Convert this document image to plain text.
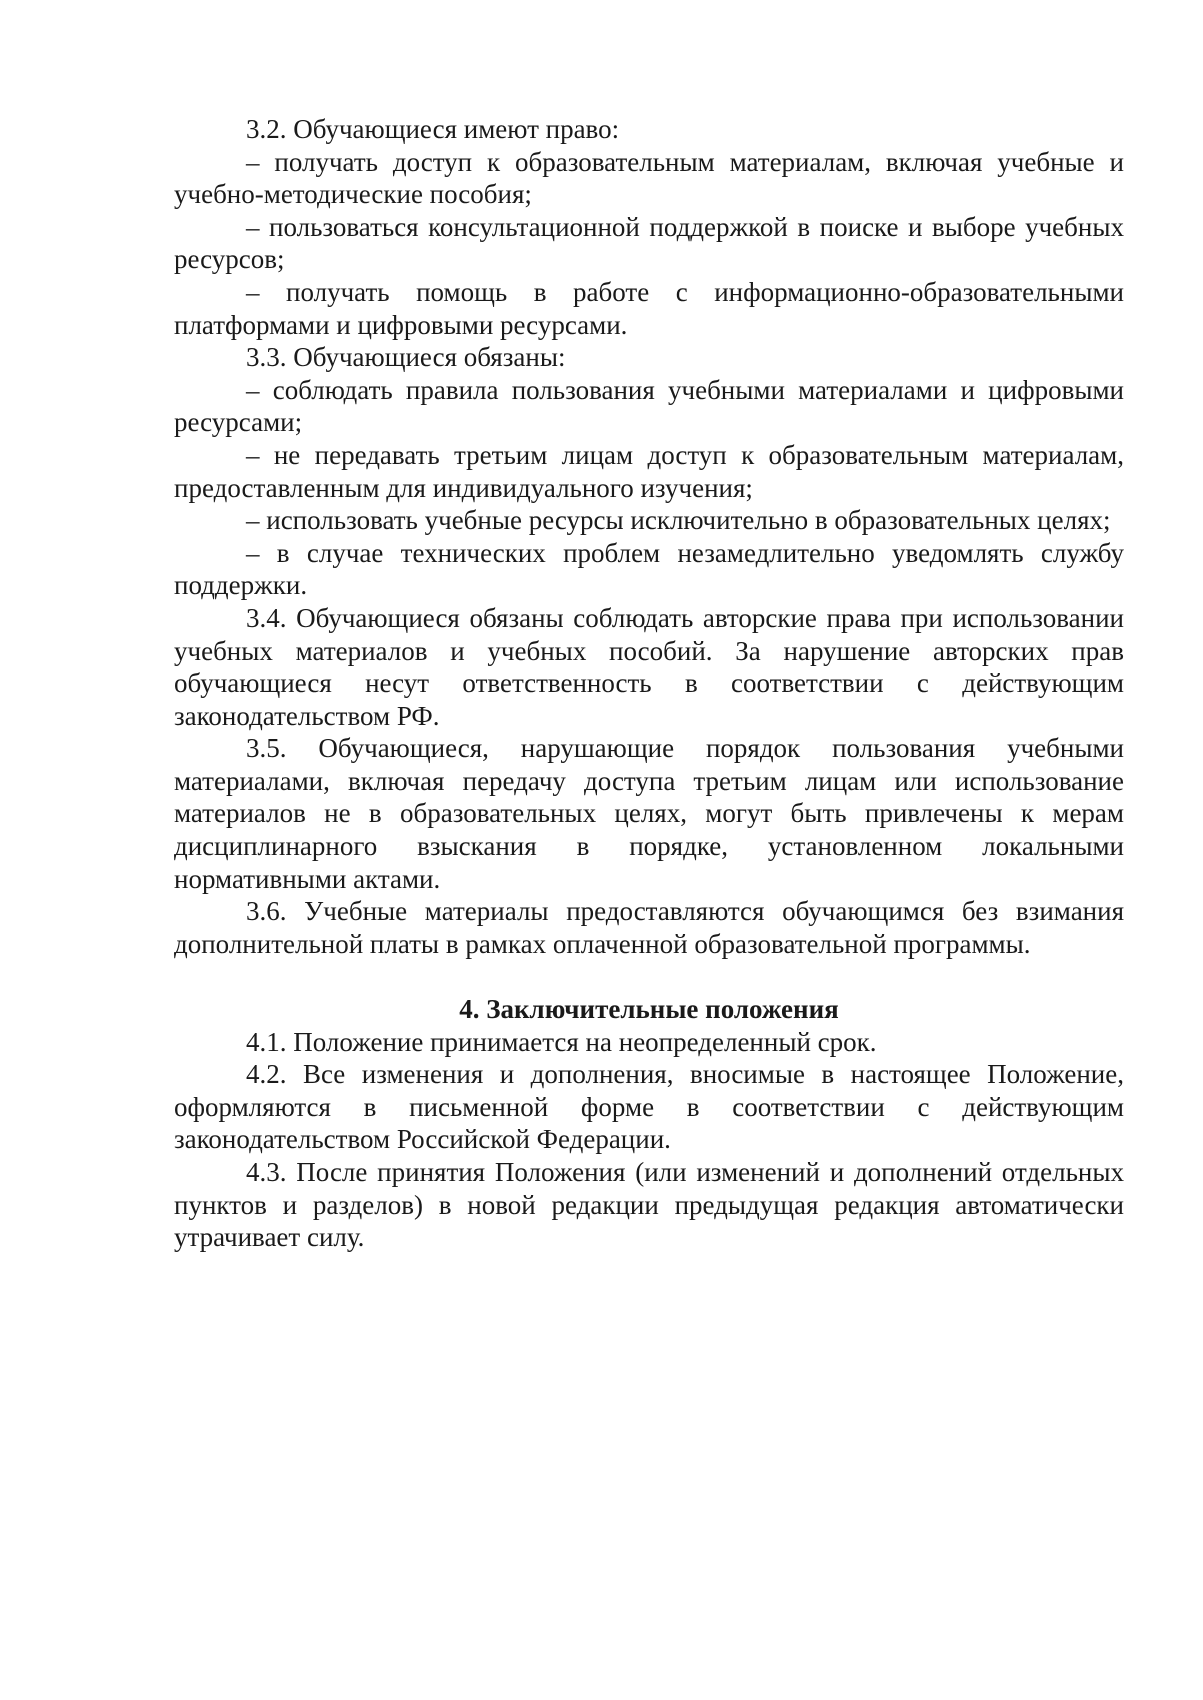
3.2. Обучающиеся имеют право:

– получать доступ к образовательным материалам, включая учебные и учебно-методические пособия;

– пользоваться консультационной поддержкой в поиске и выборе учебных ресурсов;

– получать помощь в работе с информационно-образовательными платформами и цифровыми ресурсами.

3.3. Обучающиеся обязаны:

– соблюдать правила пользования учебными материалами и цифровыми ресурсами;

– не передавать третьим лицам доступ к образовательным материалам, предоставленным для индивидуального изучения;

– использовать учебные ресурсы исключительно в образовательных целях;

– в случае технических проблем незамедлительно уведомлять службу поддержки.

3.4. Обучающиеся обязаны соблюдать авторские права при использовании учебных материалов и учебных пособий. За нарушение авторских прав обучающиеся несут ответственность в соответствии с действующим законодательством РФ.

3.5. Обучающиеся, нарушающие порядок пользования учебными материалами, включая передачу доступа третьим лицам или использование материалов не в образовательных целях, могут быть привлечены к мерам дисциплинарного взыскания в порядке, установленном локальными нормативными актами.

3.6. Учебные материалы предоставляются обучающимся без взимания дополнительной платы в рамках оплаченной образовательной программы.

4. Заключительные положения

4.1. Положение принимается на неопределенный срок.

4.2. Все изменения и дополнения, вносимые в настоящее Положение, оформляются в письменной форме в соответствии с действующим законодательством Российской Федерации.

4.3. После принятия Положения (или изменений и дополнений отдельных пунктов и разделов) в новой редакции предыдущая редакция автоматически утрачивает силу.
